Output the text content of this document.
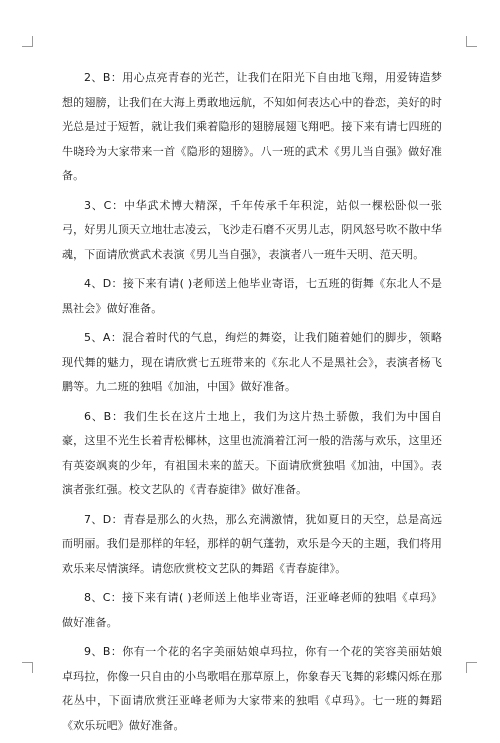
2、B：用心点亮青春的光芒，让我们在阳光下自由地飞翔，用爱铸造梦想的翅膀，让我们在大海上勇敢地远航，不知如何表达心中的眷恋，美好的时光总是过于短暂，就让我们乘着隐形的翅膀展翅飞翔吧。接下来有请七四班的牛晓玲为大家带来一首《隐形的翅膀》。八一班的武术《男儿当自强》做好准备。

3、C：中华武术博大精深，千年传承千年积淀，站似一棵松卧似一张弓，好男儿顶天立地壮志凌云，飞沙走石磨不灭男儿志，阴风怒号吹不散中华魂，下面请欣赏武术表演《男儿当自强》，表演者八一班牛天明、范天明。

4、D：接下来有请( )老师送上他毕业寄语，七五班的街舞《东北人不是黑社会》做好准备。

5、A：混合着时代的气息，绚烂的舞姿，让我们随着她们的脚步，领略现代舞的魅力，现在请欣赏七五班带来的《东北人不是黑社会》，表演者杨飞鹏等。九二班的独唱《加油，中国》做好准备。

6、B：我们生长在这片土地上，我们为这片热土骄傲，我们为中国自豪，这里不光生长着青松椰林，这里也流淌着江河一般的浩荡与欢乐，这里还有英姿飒爽的少年，有祖国未来的蓝天。下面请欣赏独唱《加油，中国》。表演者张红强。校文艺队的《青春旋律》做好准备。

7、D：青春是那么的火热，那么充满激情，犹如夏日的天空，总是高远而明丽。我们是那样的年轻，那样的朝气蓬勃，欢乐是今天的主题，我们将用欢乐来尽情演绎。请您欣赏校文艺队的舞蹈《青春旋律》。

8、C：接下来有请( )老师送上他毕业寄语，汪亚峰老师的独唱《卓玛》做好准备。

9、B：你有一个花的名字美丽姑娘卓玛拉，你有一个花的笑容美丽姑娘卓玛拉，你像一只自由的小鸟歌唱在那草原上，你象春天飞舞的彩蝶闪烁在那花丛中，下面请欣赏汪亚峰老师为大家带来的独唱《卓玛》。七一班的舞蹈《欢乐玩吧》做好准备。
